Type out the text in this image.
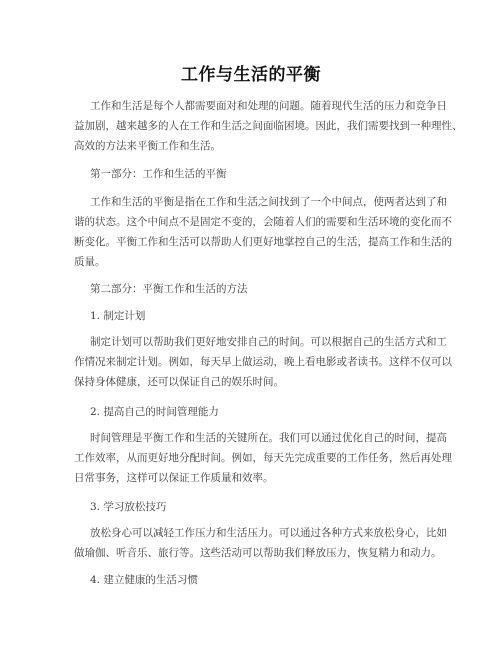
工作与生活的平衡
工作和生活是每个人都需要面对和处理的问题。随着现代生活的压力和竞争日
益加剧，越来越多的人在工作和生活之间面临困境。因此，我们需要找到一种理性、
高效的方法来平衡工作和生活。
第一部分：工作和生活的平衡
工作和生活的平衡是指在工作和生活之间找到了一个中间点，使两者达到了和
谐的状态。这个中间点不是固定不变的，会随着人们的需要和生活环境的变化而不
断变化。平衡工作和生活可以帮助人们更好地掌控自己的生活，提高工作和生活的
质量。
第二部分：平衡工作和生活的方法
1. 制定计划
制定计划可以帮助我们更好地安排自己的时间。可以根据自己的生活方式和工
作情况来制定计划。例如，每天早上做运动，晚上看电影或者读书。这样不仅可以
保持身体健康，还可以保证自己的娱乐时间。
2. 提高自己的时间管理能力
时间管理是平衡工作和生活的关键所在。我们可以通过优化自己的时间，提高
工作效率，从而更好地分配时间。例如，每天先完成重要的工作任务，然后再处理
日常事务，这样可以保证工作质量和效率。
3. 学习放松技巧
放松身心可以减轻工作压力和生活压力。可以通过各种方式来放松身心，比如
做瑜伽、听音乐、旅行等。这些活动可以帮助我们释放压力，恢复精力和动力。
4. 建立健康的生活习惯
